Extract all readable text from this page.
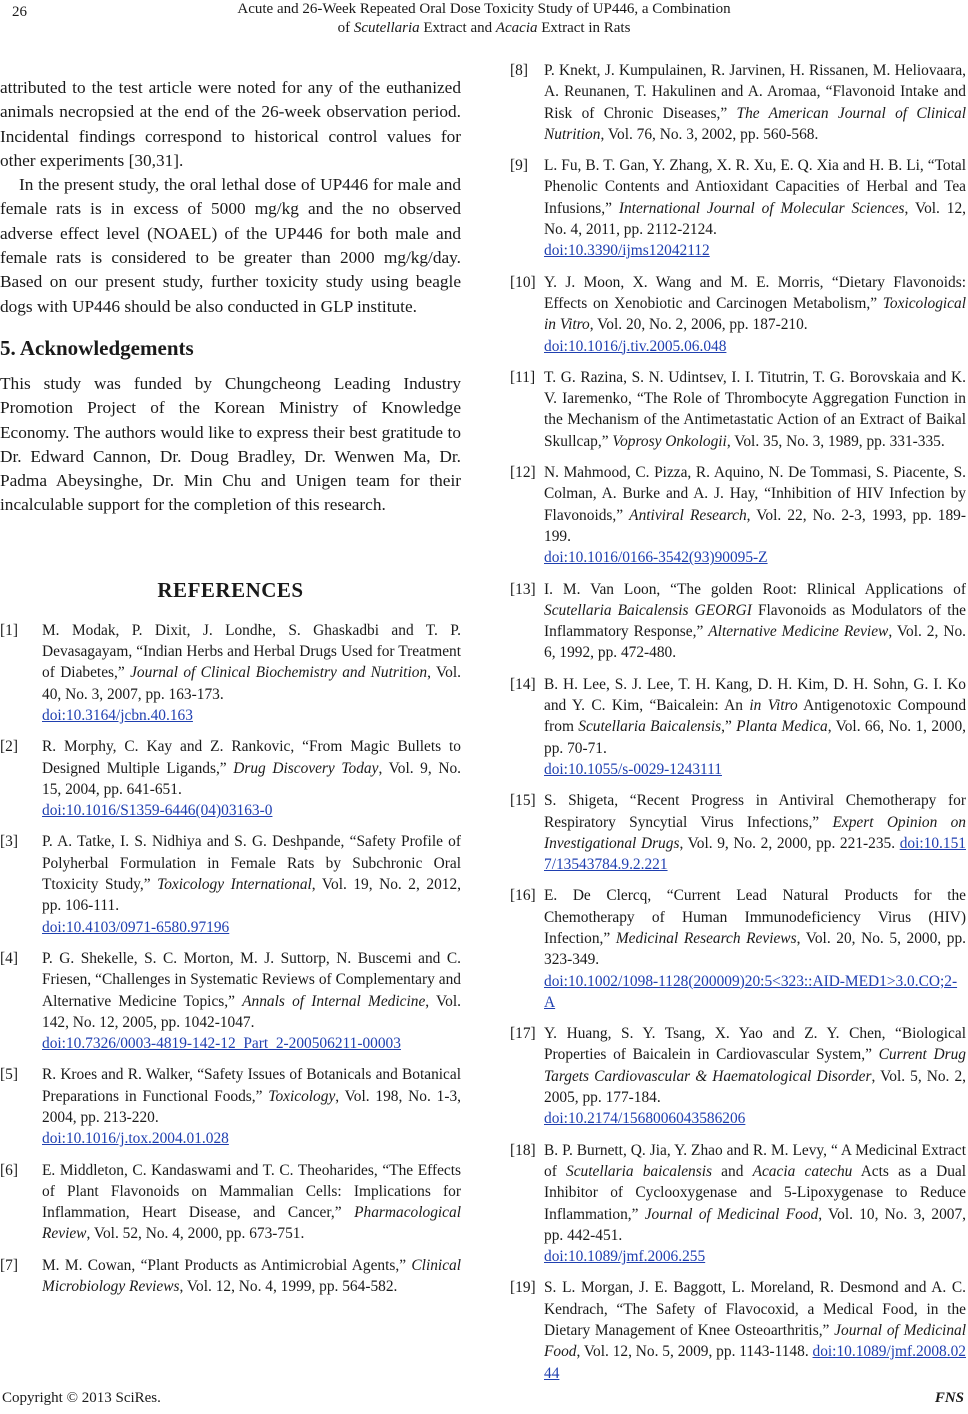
26	Acute and 26-Week Repeated Oral Dose Toxicity Study of UP446, a Combination
of Scutellaria Extract and Acacia Extract in Rats

attributed to the test article were noted for any of the euthanized animals necropsied at the end of the 26-week observation period. Incidental findings correspond to historical control values for other experiments [30,31].

In the present study, the oral lethal dose of UP446 for male and female rats is in excess of 5000 mg/kg and the no observed adverse effect level (NOAEL) of the UP446 for both male and female rats is considered to be greater than 2000 mg/kg/day. Based on our present study, further toxicity study using beagle dogs with UP446 should be also conducted in GLP institute.

5. Acknowledgements

This study was funded by Chungcheong Leading Industry Promotion Project of the Korean Ministry of Knowledge Economy. The authors would like to express their best gratitude to Dr. Edward Cannon, Dr. Doug Bradley, Dr. Wenwen Ma, Dr. Padma Abeysinghe, Dr. Min Chu and Unigen team for their incalculable support for the completion of this research.

REFERENCES
[1] M. Modak, P. Dixit, J. Londhe, S. Ghaskadbi and T. P. Devasagayam, “Indian Herbs and Herbal Drugs Used for Treatment of Diabetes,” Journal of Clinical Biochemistry and Nutrition, Vol. 40, No. 3, 2007, pp. 163-173.
doi:10.3164/jcbn.40.163
[2] R. Morphy, C. Kay and Z. Rankovic, “From Magic Bullets to Designed Multiple Ligands,” Drug Discovery Today, Vol. 9, No. 15, 2004, pp. 641-651.
doi:10.1016/S1359-6446(04)03163-0
[3] P. A. Tatke, I. S. Nidhiya and S. G. Deshpande, “Safety Profile of Polyherbal Formulation in Female Rats by Subchronic Oral Ttoxicity Study,” Toxicology International, Vol. 19, No. 2, 2012, pp. 106-111.
doi:10.4103/0971-6580.97196
[4] P. G. Shekelle, S. C. Morton, M. J. Suttorp, N. Buscemi and C. Friesen, “Challenges in Systematic Reviews of Complementary and Alternative Medicine Topics,” Annals of Internal Medicine, Vol. 142, No. 12, 2005, pp. 1042-1047.
doi:10.7326/0003-4819-142-12_Part_2-200506211-00003
[5] R. Kroes and R. Walker, “Safety Issues of Botanicals and Botanical Preparations in Functional Foods,” Toxicology, Vol. 198, No. 1-3, 2004, pp. 213-220.
doi:10.1016/j.tox.2004.01.028
[6] E. Middleton, C. Kandaswami and T. C. Theoharides, “The Effects of Plant Flavonoids on Mammalian Cells: Implications for Inflammation, Heart Disease, and Cancer,” Pharmacological Review, Vol. 52, No. 4, 2000, pp. 673-751.
[7] M. M. Cowan, “Plant Products as Antimicrobial Agents,” Clinical Microbiology Reviews, Vol. 12, No. 4, 1999, pp. 564-582.
[8] P. Knekt, J. Kumpulainen, R. Jarvinen, H. Rissanen, M. Heliovaara, A. Reunanen, T. Hakulinen and A. Aromaa, “Flavonoid Intake and Risk of Chronic Diseases,” The American Journal of Clinical Nutrition, Vol. 76, No. 3, 2002, pp. 560-568.
[9] L. Fu, B. T. Gan, Y. Zhang, X. R. Xu, E. Q. Xia and H. B. Li, “Total Phenolic Contents and Antioxidant Capacities of Herbal and Tea Infusions,” International Journal of Molecular Sciences, Vol. 12, No. 4, 2011, pp. 2112-2124.
doi:10.3390/ijms12042112
[10] Y. J. Moon, X. Wang and M. E. Morris, “Dietary Flavonoids: Effects on Xenobiotic and Carcinogen Metabolism,” Toxicological in Vitro, Vol. 20, No. 2, 2006, pp. 187-210.
doi:10.1016/j.tiv.2005.06.048
[11] T. G. Razina, S. N. Udintsev, I. I. Titutrin, T. G. Borovskaia and K. V. Iaremenko, “The Role of Thrombocyte Aggregation Function in the Mechanism of the Antimetastatic Action of an Extract of Baikal Skullcap,” Voprosy Onkologii, Vol. 35, No. 3, 1989, pp. 331-335.
[12] N. Mahmood, C. Pizza, R. Aquino, N. De Tommasi, S. Piacente, S. Colman, A. Burke and A. J. Hay, “Inhibition of HIV Infection by Flavonoids,” Antiviral Research, Vol. 22, No. 2-3, 1993, pp. 189-199.
doi:10.1016/0166-3542(93)90095-Z
[13] I. M. Van Loon, “The golden Root: Rlinical Applications of Scutellaria Baicalensis GEORGI Flavonoids as Modulators of the Inflammatory Response,” Alternative Medicine Review, Vol. 2, No. 6, 1992, pp. 472-480.
[14] B. H. Lee, S. J. Lee, T. H. Kang, D. H. Kim, D. H. Sohn, G. I. Ko and Y. C. Kim, “Baicalein: An in Vitro Antigenotoxic Compound from Scutellaria Baicalensis,” Planta Medica, Vol. 66, No. 1, 2000, pp. 70-71.
doi:10.1055/s-0029-1243111
[15] S. Shigeta, “Recent Progress in Antiviral Chemotherapy for Respiratory Syncytial Virus Infections,” Expert Opinion on Investigational Drugs, Vol. 9, No. 2, 2000, pp. 221-235. doi:10.1517/13543784.9.2.221
[16] E. De Clercq, “Current Lead Natural Products for the Chemotherapy of Human Immunodeficiency Virus (HIV) Infection,” Medicinal Research Reviews, Vol. 20, No. 5, 2000, pp. 323-349.
doi:10.1002/1098-1128(200009)20:5<323::AID-MED1>3.0.CO;2-A
[17] Y. Huang, S. Y. Tsang, X. Yao and Z. Y. Chen, “Biological Properties of Baicalein in Cardiovascular System,” Current Drug Targets Cardiovascular & Haematological Disorder, Vol. 5, No. 2, 2005, pp. 177-184.
doi:10.2174/1568006043586206
[18] B. P. Burnett, Q. Jia, Y. Zhao and R. M. Levy, “ A Medicinal Extract of Scutellaria baicalensis and Acacia catechu Acts as a Dual Inhibitor of Cyclooxygenase and 5-Lipoxygenase to Reduce Inflammation,” Journal of Medicinal Food, Vol. 10, No. 3, 2007, pp. 442-451.
doi:10.1089/jmf.2006.255
[19] S. L. Morgan, J. E. Baggott, L. Moreland, R. Desmond and A. C. Kendrach, “The Safety of Flavocoxid, a Medical Food, in the Dietary Management of Knee Osteoarthritis,” Journal of Medicinal Food, Vol. 12, No. 5, 2009, pp. 1143-1148. doi:10.1089/jmf.2008.0244
Copyright © 2013 SciRes.	FNS
